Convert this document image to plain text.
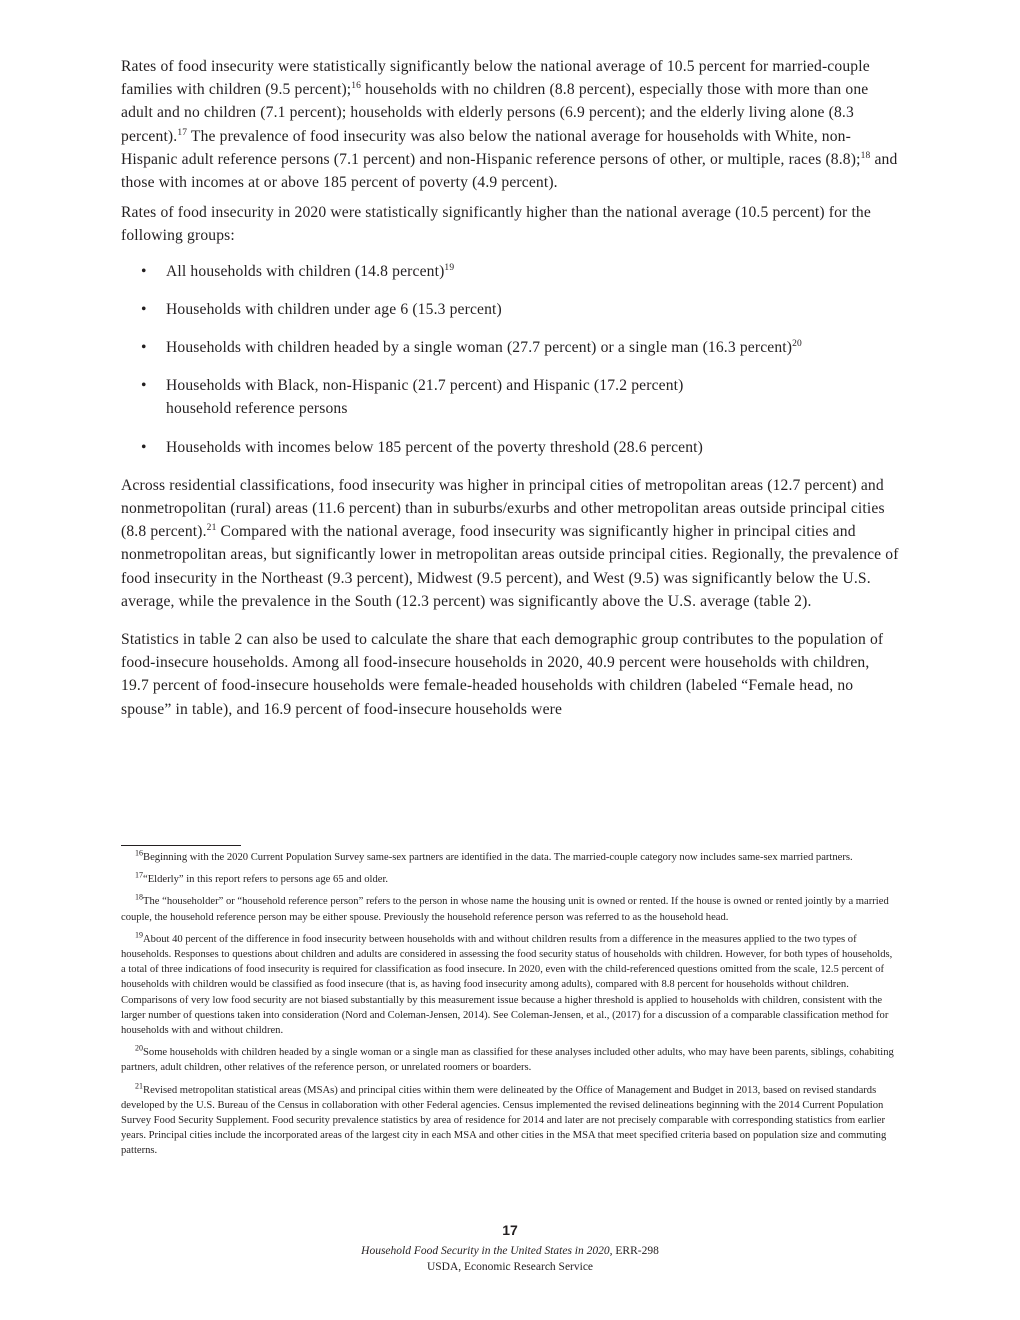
Rates of food insecurity were statistically significantly below the national average of 10.5 percent for married-couple families with children (9.5 percent);$^{16}$ households with no children (8.8 percent), especially those with more than one adult and no children (7.1 percent); households with elderly persons (6.9 percent); and the elderly living alone (8.3 percent).$^{17}$ The prevalence of food insecurity was also below the national average for households with White, non-Hispanic adult reference persons (7.1 percent) and non-Hispanic reference persons of other, or multiple, races (8.8);$^{18}$ and those with incomes at or above 185 percent of poverty (4.9 percent).

Rates of food insecurity in 2020 were statistically significantly higher than the national average (10.5 percent) for the following groups:

• All households with children (14.8 percent)$^{19}$
• Households with children under age 6 (15.3 percent)
• Households with children headed by a single woman (27.7 percent) or a single man (16.3 percent)$^{20}$
• Households with Black, non-Hispanic (21.7 percent) and Hispanic (17.2 percent)
household reference persons
• Households with incomes below 185 percent of the poverty threshold (28.6 percent)

Across residential classifications, food insecurity was higher in principal cities of metropolitan areas (12.7 percent) and nonmetropolitan (rural) areas (11.6 percent) than in suburbs/exurbs and other metropolitan areas outside principal cities (8.8 percent).$^{21}$ Compared with the national average, food insecurity was significantly higher in principal cities and nonmetropolitan areas, but significantly lower in metropolitan areas outside principal cities. Regionally, the prevalence of food insecurity in the Northeast (9.3 percent), Midwest (9.5 percent), and West (9.5) was significantly below the U.S. average, while the prevalence in the South (12.3 percent) was significantly above the U.S. average (table 2).

Statistics in table 2 can also be used to calculate the share that each demographic group contributes to the population of food-insecure households. Among all food-insecure households in 2020, 40.9 percent were households with children, 19.7 percent of food-insecure households were female-headed households with children (labeled “Female head, no spouse” in table), and 16.9 percent of food-insecure households were

$^{16}$Beginning with the 2020 Current Population Survey same-sex partners are identified in the data. The married-couple category now includes same-sex married partners.

$^{17}$“Elderly” in this report refers to persons age 65 and older.

$^{18}$The “householder” or “household reference person” refers to the person in whose name the housing unit is owned or rented. If the house is owned or rented jointly by a married couple, the household reference person may be either spouse. Previously the household reference person was referred to as the household head.

$^{19}$About 40 percent of the difference in food insecurity between households with and without children results from a difference in the measures applied to the two types of households. Responses to questions about children and adults are considered in assessing the food security status of households with children. However, for both types of households, a total of three indications of food insecurity is required for classification as food insecure. In 2020, even with the child-referenced questions omitted from the scale, 12.5 percent of households with children would be classified as food insecure (that is, as having food insecurity among adults), compared with 8.8 percent for households without children. Comparisons of very low food security are not biased substantially by this measurement issue because a higher threshold is applied to households with children, consistent with the larger number of questions taken into consideration (Nord and Coleman-Jensen, 2014). See Coleman-Jensen, et al., (2017) for a discussion of a comparable classification method for households with and without children.

$^{20}$Some households with children headed by a single woman or a single man as classified for these analyses included other adults, who may have been parents, siblings, cohabiting partners, adult children, other relatives of the reference person, or unrelated roomers or boarders.

$^{21}$Revised metropolitan statistical areas (MSAs) and principal cities within them were delineated by the Office of Management and Budget in 2013, based on revised standards developed by the U.S. Bureau of the Census in collaboration with other Federal agencies. Census implemented the revised delineations beginning with the 2014 Current Population Survey Food Security Supplement. Food security prevalence statistics by area of residence for 2014 and later are not precisely comparable with corresponding statistics from earlier years. Principal cities include the incorporated areas of the largest city in each MSA and other cities in the MSA that meet specified criteria based on population size and commuting patterns.

17
Household Food Security in the United States in 2020, ERR-298
USDA, Economic Research Service
